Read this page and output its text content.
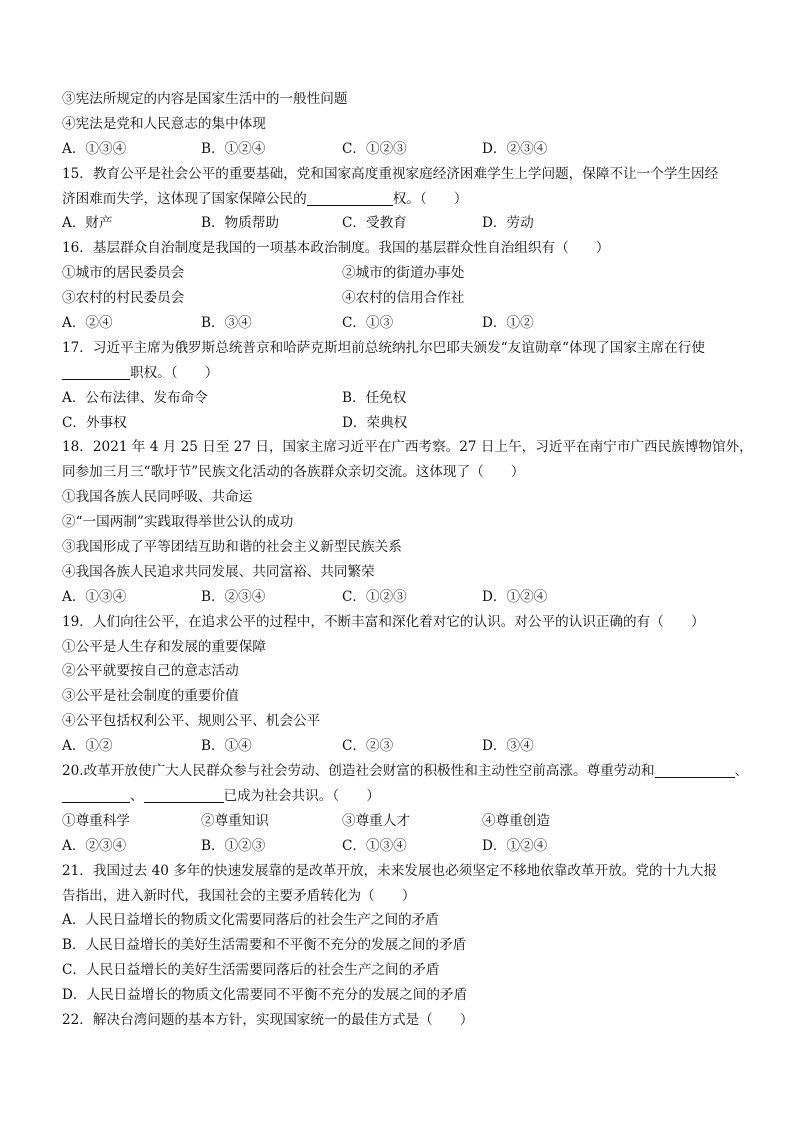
③宪法所规定的内容是国家生活中的一般性问题
④宪法是党和人民意志的集中体现
A．①③④	B．①②④	C．①②③	D．②③④
15．教育公平是社会公平的重要基础，党和国家高度重视家庭经济困难学生上学问题，保障不让一个学生因经
济困难而失学，这体现了国家保障公民的	权。（　　）
A．财产	B．物质帮助	C．受教育	D．劳动
16．基层群众自治制度是我国的一项基本政治制度。我国的基层群众性自治组织有（　　）
①城市的居民委员会	②城市的街道办事处
③农村的村民委员会	④农村的信用合作社
A．②④	B．③④	C．①③	D．①②
17．习近平主席为俄罗斯总统普京和哈萨克斯坦前总统纳扎尔巴耶夫颁发“友谊勋章“体现了国家主席在行使
职权。（　　）
A．公布法律、发布命令	B．任免权
C．外事权	D．荣典权
18．2021 年 4 月 25 日至 27 日，国家主席习近平在广西考察。27 日上午，习近平在南宁市广西民族博物馆外，
同参加三月三“歌圩节”民族文化活动的各族群众亲切交流。这体现了（　　）
①我国各族人民同呼吸、共命运
②“一国两制”实践取得举世公认的成功
③我国形成了平等团结互助和谐的社会主义新型民族关系
④我国各族人民追求共同发展、共同富裕、共同繁荣
A．①③④	B．②③④	C．①②③	D．①②④
19．人们向往公平，在追求公平的过程中，不断丰富和深化着对它的认识。对公平的认识正确的有（　　）
①公平是人生存和发展的重要保障
②公平就要按自己的意志活动
③公平是社会制度的重要价值
④公平包括权利公平、规则公平、机会公平
A．①②	B．①④	C．②③	D．③④
20.改革开放使广大人民群众参与社会劳动、创造社会财富的积极性和主动性空前高涨。尊重劳动和	、
、	已成为社会共识。（　　）
①尊重科学	②尊重知识	③尊重人才	④尊重创造
A．②③④	B．①②③	C．①③④	D．①②④
21．我国过去 40 多年的快速发展靠的是改革开放，未来发展也必须坚定不移地依靠改革开放。党的十九大报
告指出，进入新时代，我国社会的主要矛盾转化为（　　）
A．人民日益增长的物质文化需要同落后的社会生产之间的矛盾
B．人民日益增长的美好生活需要和不平衡不充分的发展之间的矛盾
C．人民日益增长的美好生活需要同落后的社会生产之间的矛盾
D．人民日益增长的物质文化需要同不平衡不充分的发展之间的矛盾
22．解决台湾问题的基本方针，实现国家统一的最佳方式是（　　）
